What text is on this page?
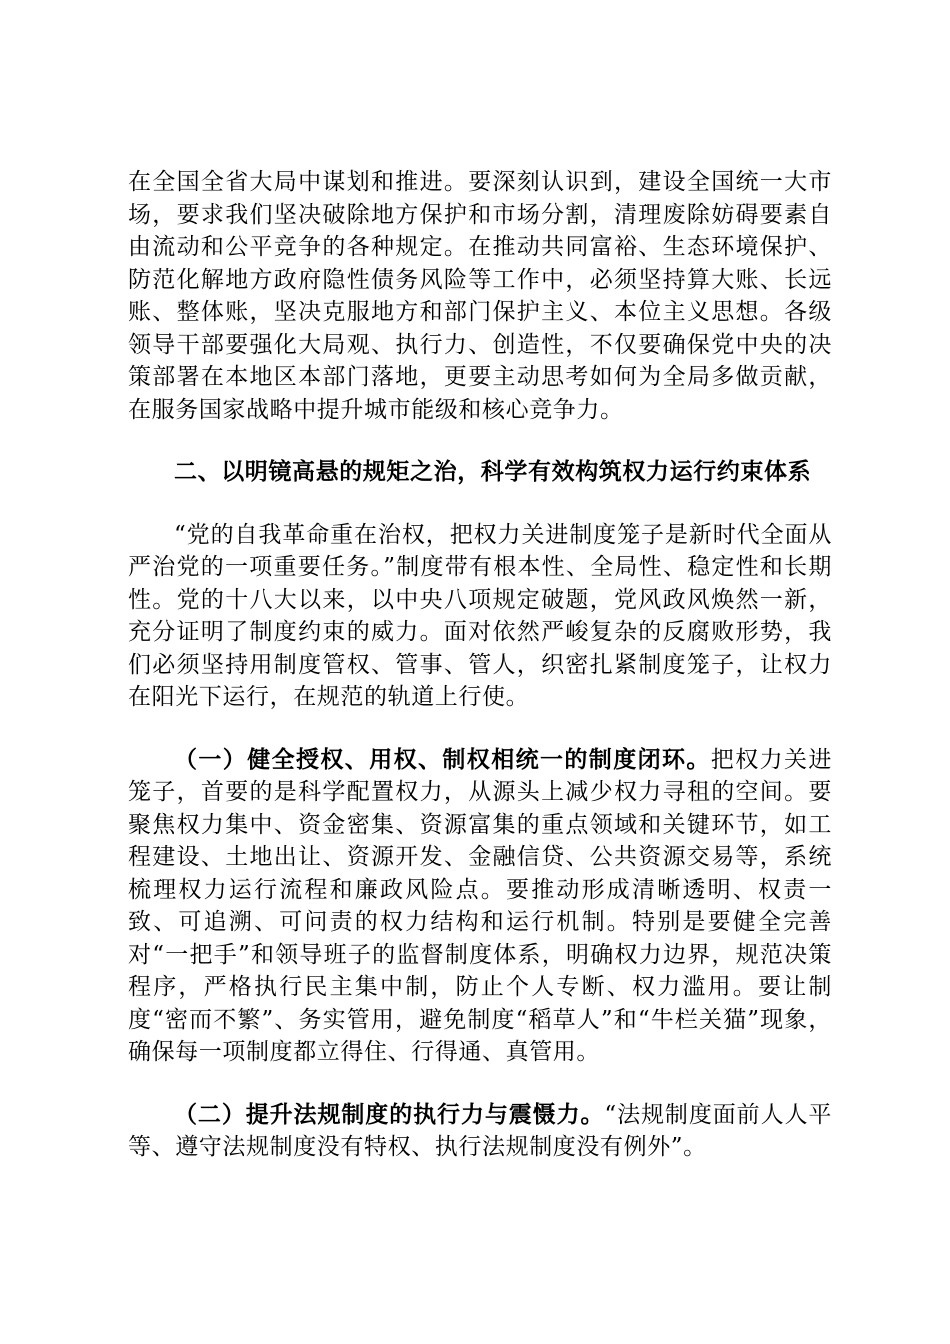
在全国全省大局中谋划和推进。要深刻认识到，建设全国统一大市场，要求我们坚决破除地方保护和市场分割，清理废除妨碍要素自由流动和公平竞争的各种规定。在推动共同富裕、生态环境保护、防范化解地方政府隐性债务风险等工作中，必须坚持算大账、长远账、整体账，坚决克服地方和部门保护主义、本位主义思想。各级领导干部要强化大局观、执行力、创造性，不仅要确保党中央的决策部署在本地区本部门落地，更要主动思考如何为全局多做贡献，在服务国家战略中提升城市能级和核心竞争力。

二、以明镜高悬的规矩之治，科学有效构筑权力运行约束体系

“党的自我革命重在治权，把权力关进制度笼子是新时代全面从严治党的一项重要任务。”制度带有根本性、全局性、稳定性和长期性。党的十八大以来，以中央八项规定破题，党风政风焕然一新，充分证明了制度约束的威力。面对依然严峻复杂的反腐败形势，我们必须坚持用制度管权、管事、管人，织密扎紧制度笼子，让权力在阳光下运行，在规范的轨道上行使。

（一）健全授权、用权、制权相统一的制度闭环。把权力关进笼子，首要的是科学配置权力，从源头上减少权力寻租的空间。要聚焦权力集中、资金密集、资源富集的重点领域和关键环节，如工程建设、土地出让、资源开发、金融信贷、公共资源交易等，系统梳理权力运行流程和廉政风险点。要推动形成清晰透明、权责一致、可追溯、可问责的权力结构和运行机制。特别是要健全完善对“一把手”和领导班子的监督制度体系，明确权力边界，规范决策程序，严格执行民主集中制，防止个人专断、权力滥用。要让制度“密而不繁”、务实管用，避免制度“稻草人”和“牛栏关猫”现象，确保每一项制度都立得住、行得通、真管用。

（二）提升法规制度的执行力与震慑力。“法规制度面前人人平等、遵守法规制度没有特权、执行法规制度没有例外”。
